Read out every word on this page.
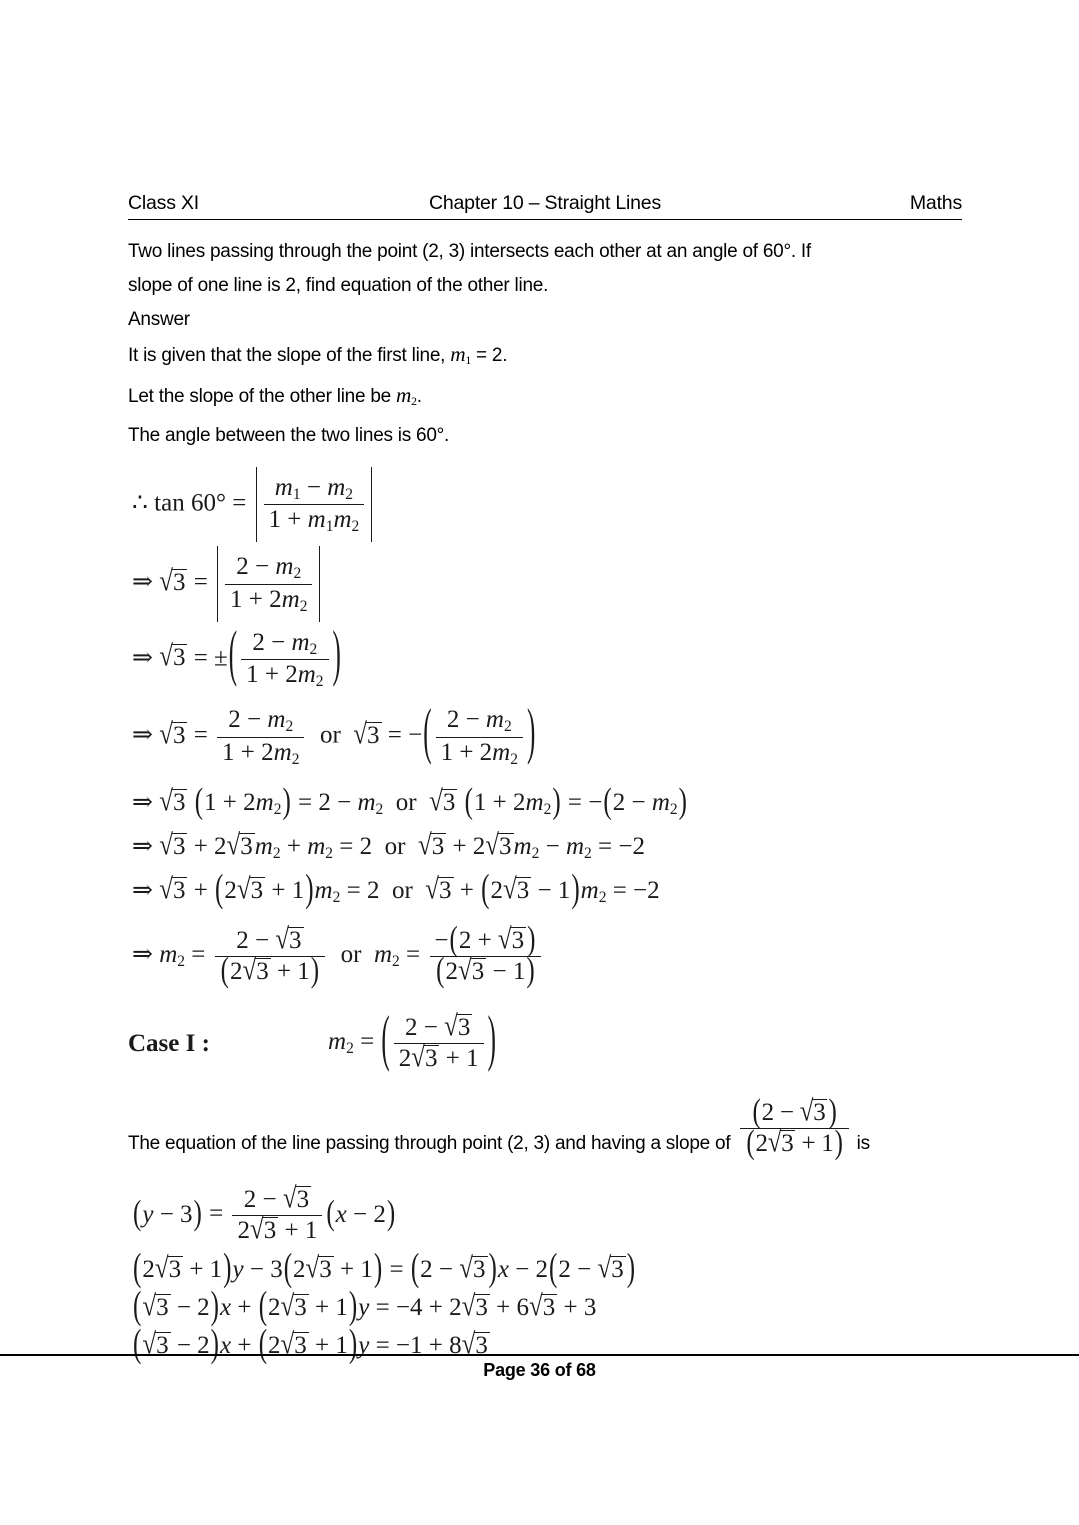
Class XI	Chapter 10 – Straight Lines	Maths

Two lines passing through the point (2, 3) intersects each other at an angle of 60°. If

slope of one line is 2, find equation of the other line.

Answer

It is given that the slope of the first line, m1 = 2.
Let the slope of the other line be m2.
The angle between the two lines is 60°.
∴ tan 60° =
m1 − m2
1 + m1m2
⇒ √3 =
2 − m2
1 + 2m2
⇒ √3 = ±( $\frac{2 - m2}{1 + 2m2}$ )
⇒ $√3 = \frac{2 - m2}{1 + 2m2}$ or  √3 = −( $\frac{2 - m2}{1 + 2m2}$ )
⇒ √3 (1 + 2m2) = 2 − m2  or  √3 (1 + 2m2) = −(2 − m2)
⇒ √3 + 2√3m2 + m2 = 2  or  √3 + 2√3m2 − m2 = −2
⇒ √3 + (2√3 + 1)m2 = 2  or  √3 + (2√3 − 1)m2 = −2
⇒ $m2 = \frac{2 - √3}{(2√3 + 1)}$ or  $m2 = \frac{-(2 + √3 )}{(2√3 - 1)}$
Case I :	m2 = ( $\frac{2 - √3}{2√3 + 1}$ )
The equation of the line passing through point (2, 3) and having a slope of $\frac{(2 - √3 )}{(2√3 + 1)}$ is
$(y - 3) = \frac{2 - √3}{2√3 + 1} (x - 2)$
(2√3 + 1)y − 3(2√3 + 1) = (2 − √3 )x − 2(2 − √3 )
(√3 − 2)x + (2√3 + 1)y = −4 + 2√3 + 6√3 + 3
(√3 − 2)x + (2√3 + 1)y = −1 + 8√3
Page 36 of 68
